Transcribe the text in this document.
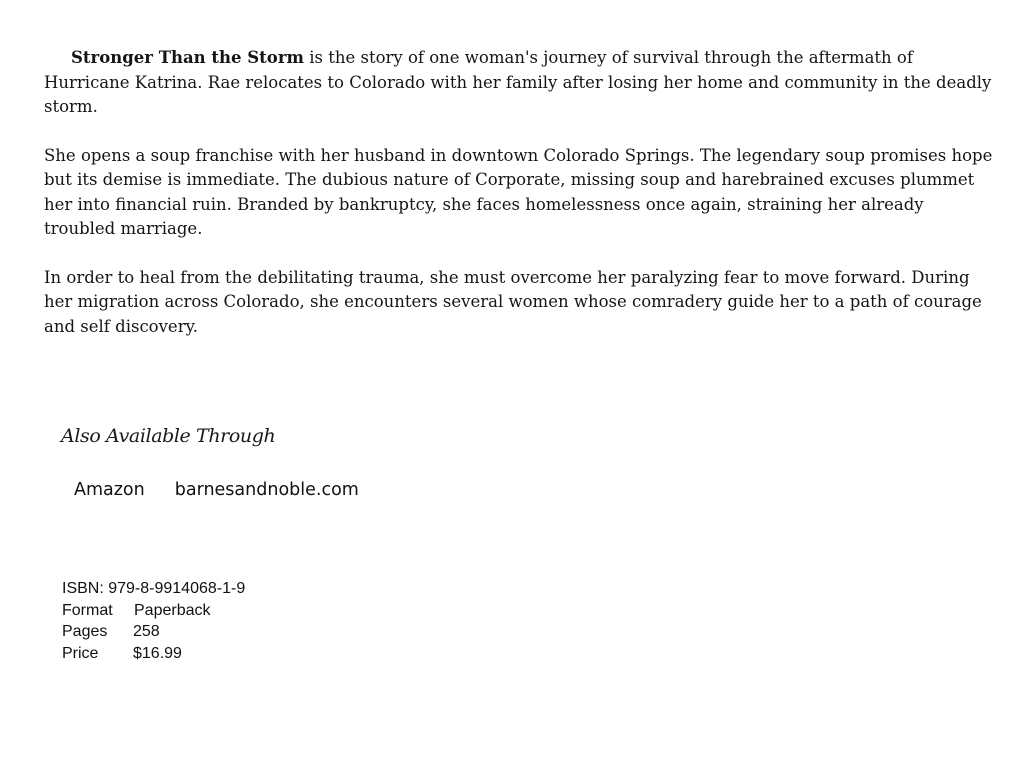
Stronger Than the Storm is the story of one woman's journey of survival through the aftermath of Hurricane Katrina. Rae relocates to Colorado with her family after losing her home and community in the deadly storm.

She opens a soup franchise with her husband in downtown Colorado Springs. The legendary soup promises hope but its demise is immediate. The dubious nature of Corporate, missing soup and harebrained excuses plummet her into financial ruin. Branded by bankruptcy, she faces homelessness once again, straining her already troubled marriage.

In order to heal from the debilitating trauma, she must overcome her paralyzing fear to move forward. During her migration across Colorado, she encounters several women whose comradery guide her to a path of courage and self discovery.

Also Available Through
Amazon barnesandnoble.com
ISBN: 979-8-9914068-1-9
Format Paperback
Pages 258
Price $16.99
